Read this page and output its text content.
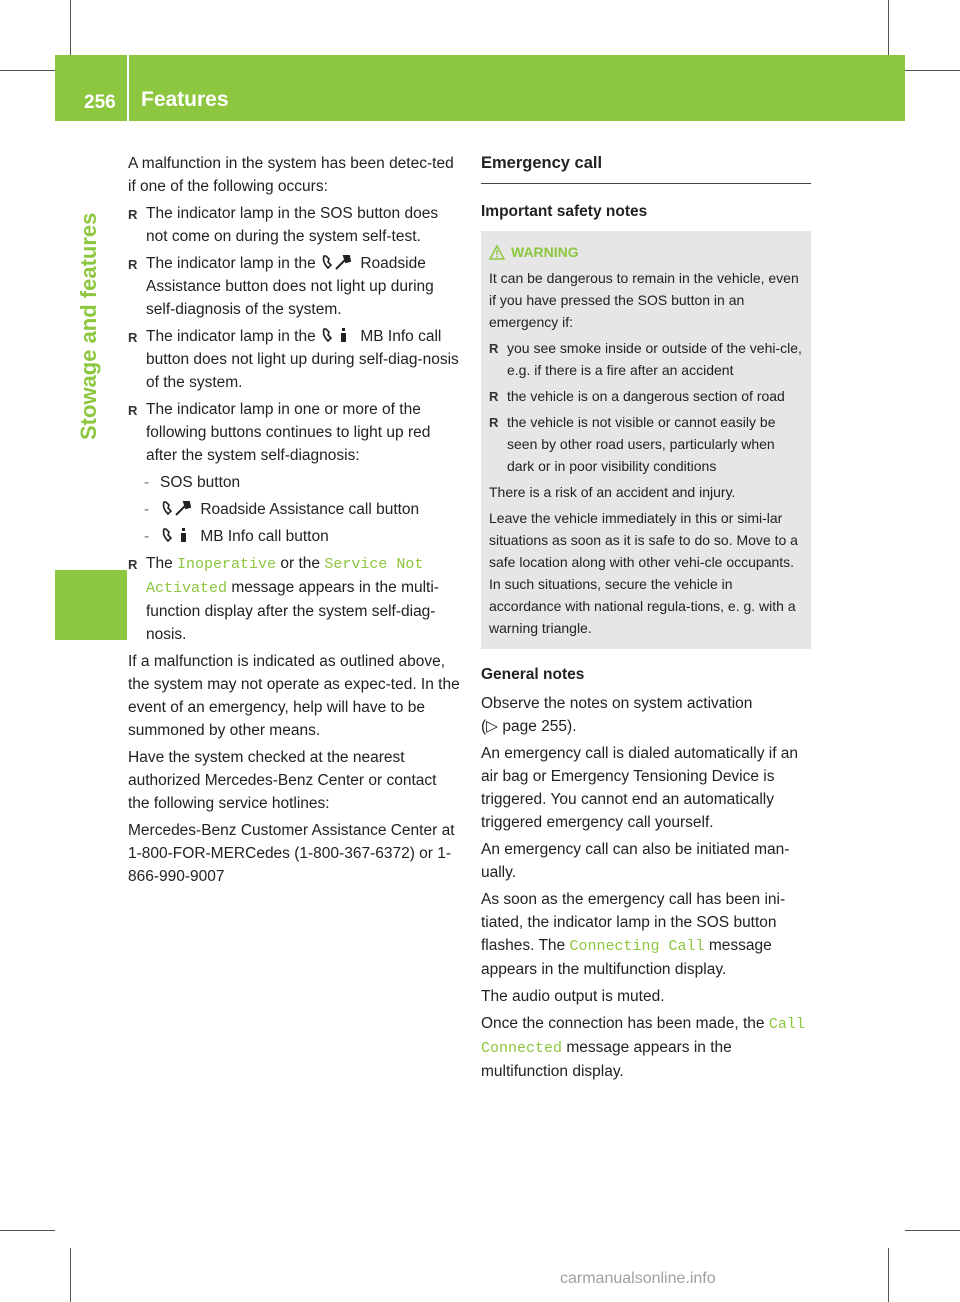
256 Features
Stowage and features

A malfunction in the system has been detec-ted if one of the following occurs:

R The indicator lamp in the SOS button does not come on during the system self-test.

R The indicator lamp in the	Roadside Assistance button does not light up during self-diagnosis of the system.

R The indicator lamp in the	MB Info call button does not light up during self-diag-nosis of the system.

R The indicator lamp in one or more of the following buttons continues to light up red after the system self-diagnosis:

- SOS button

-	Roadside Assistance call button

-	MB Info call button

R The Inoperative or the Service Not Activated message appears in the multi-function display after the system self-diag-nosis.

If a malfunction is indicated as outlined above, the system may not operate as expec-ted. In the event of an emergency, help will have to be summoned by other means.

Have the system checked at the nearest authorized Mercedes-Benz Center or contact the following service hotlines:

Mercedes-Benz Customer Assistance Center at 1-800-FOR-MERCedes (1-800-367-6372) or 1-866-990-9007

Emergency call
Important safety notes
WARNING

It can be dangerous to remain in the vehicle, even if you have pressed the SOS button in an emergency if:

R you see smoke inside or outside of the vehi-cle, e.g. if there is a fire after an accident

R the vehicle is on a dangerous section of road

R the vehicle is not visible or cannot easily be seen by other road users, particularly when dark or in poor visibility conditions

There is a risk of an accident and injury.

Leave the vehicle immediately in this or simi-lar situations as soon as it is safe to do so. Move to a safe location along with other vehi-cle occupants. In such situations, secure the vehicle in accordance with national regula-tions, e. g. with a warning triangle.

General notes

Observe the notes on system activation
(▷ page 255).

An emergency call is dialed automatically if an air bag or Emergency Tensioning Device is triggered. You cannot end an automatically triggered emergency call yourself.

An emergency call can also be initiated man-ually.

As soon as the emergency call has been ini-tiated, the indicator lamp in the SOS button flashes. The Connecting Call message appears in the multifunction display.

The audio output is muted.

Once the connection has been made, the Call Connected message appears in the multifunction display.

carmanualsonline.info
